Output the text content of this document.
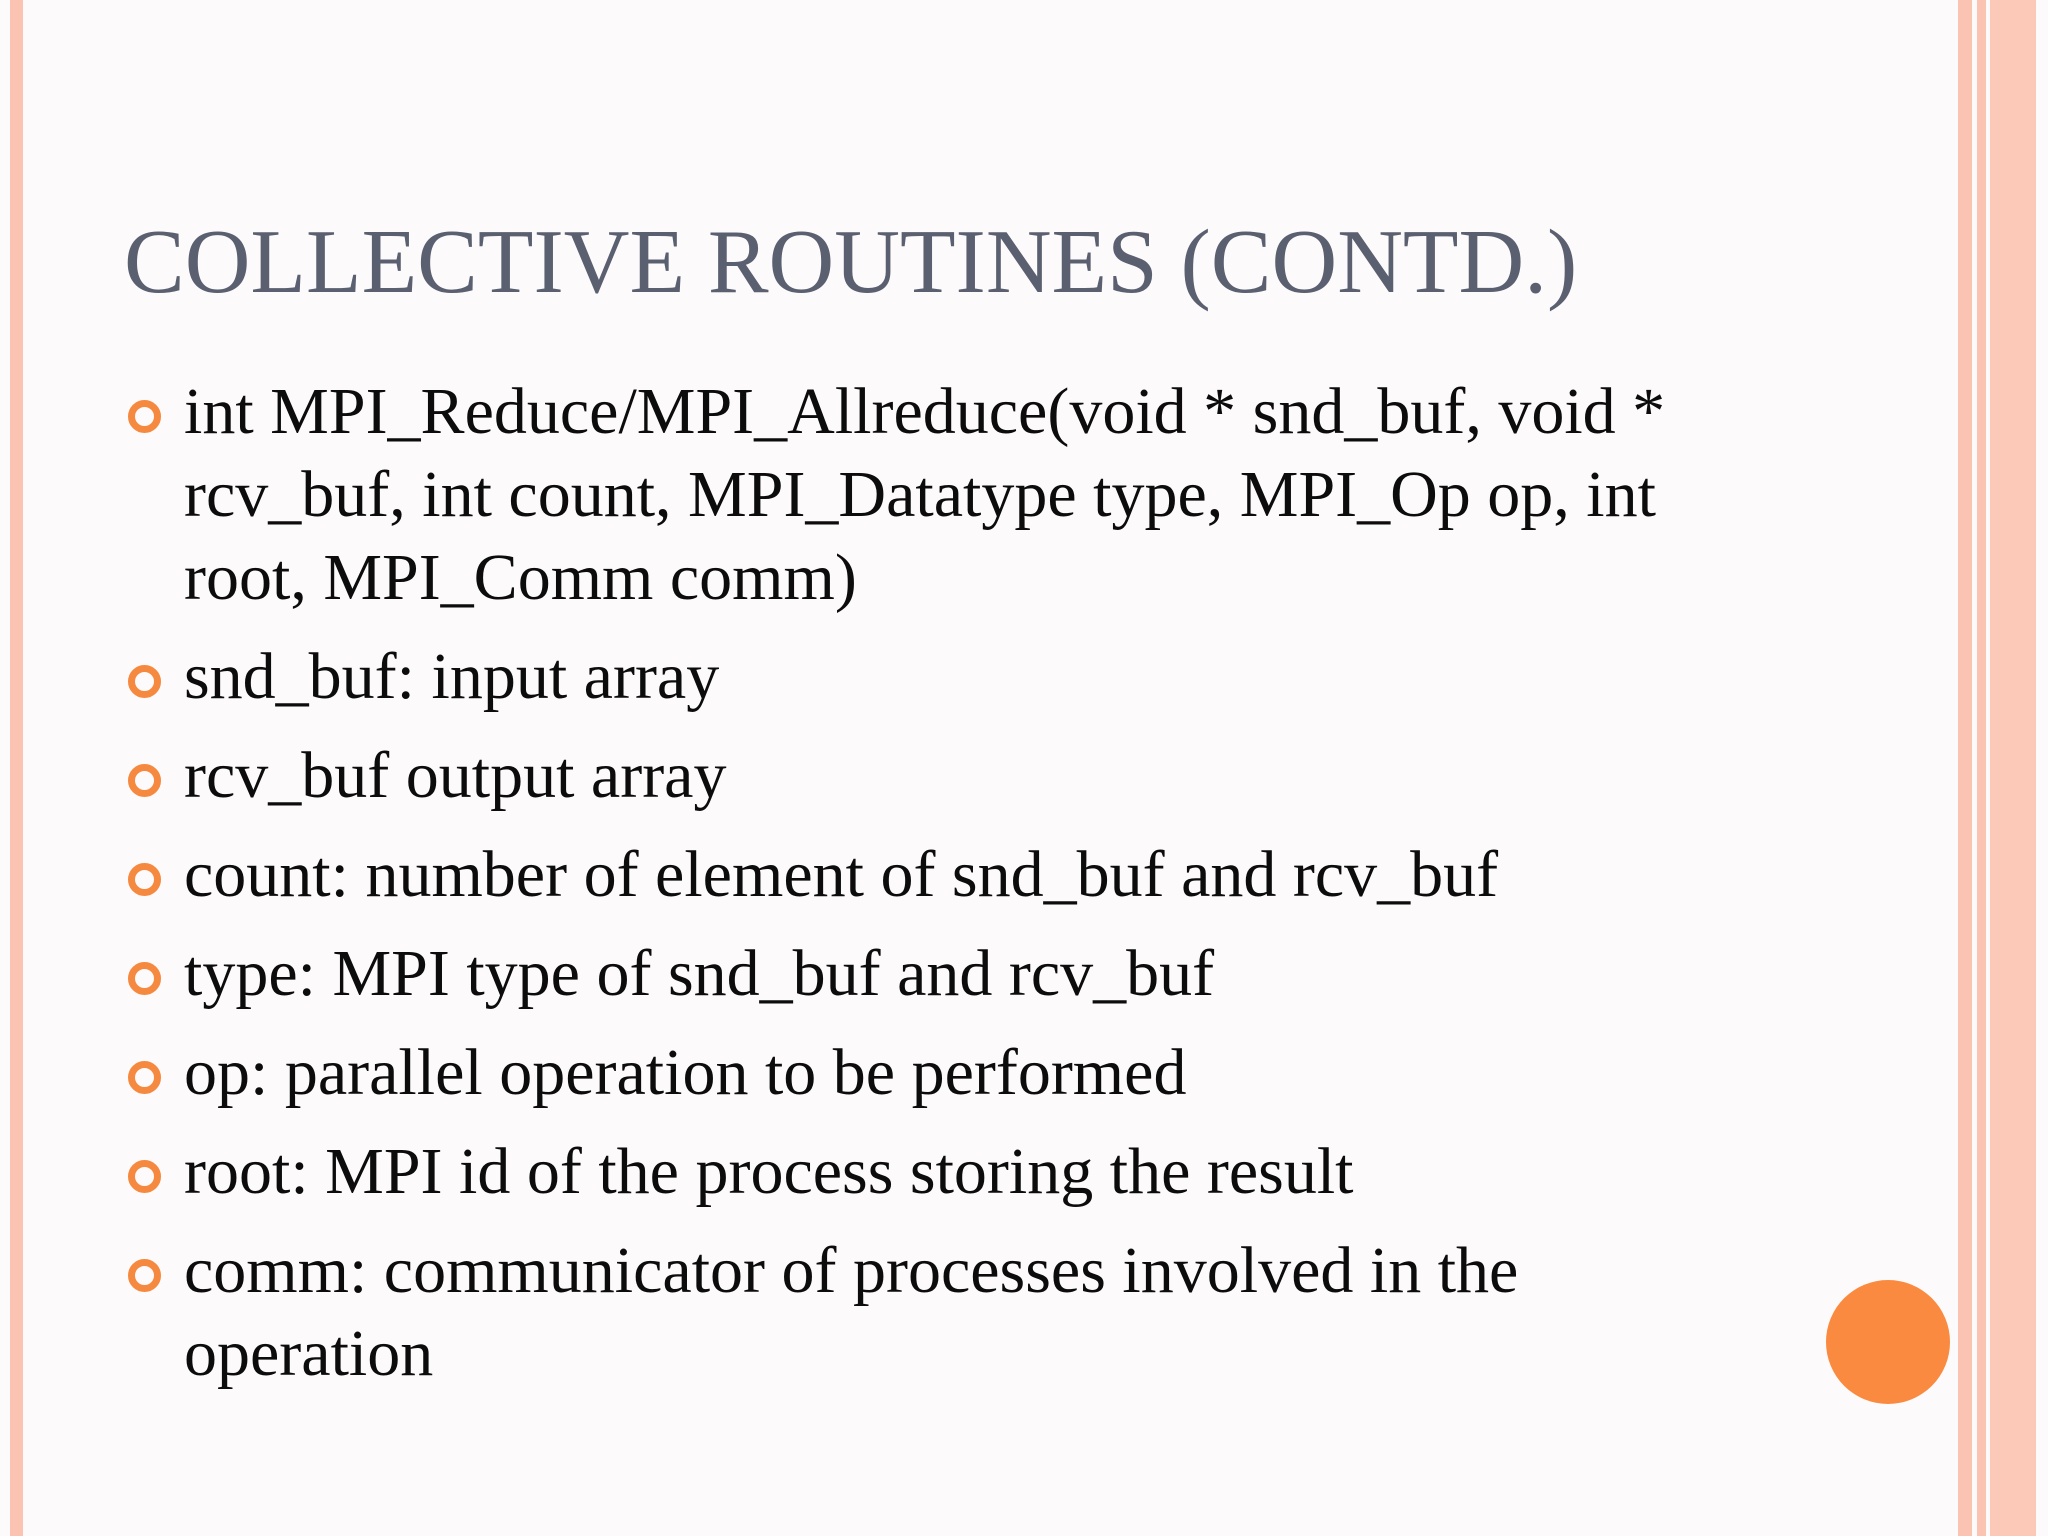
COLLECTIVE ROUTINES (CONTD.)
int MPI_Reduce/MPI_Allreduce(void * snd_buf, void * rcv_buf, int count, MPI_Datatype type, MPI_Op op, int root, MPI_Comm comm)
snd_buf: input array
rcv_buf output array
count: number of element of snd_buf and rcv_buf
type: MPI type of snd_buf and rcv_buf
op: parallel operation to be performed
root: MPI id of the process storing the result
comm: communicator of processes involved in the operation
